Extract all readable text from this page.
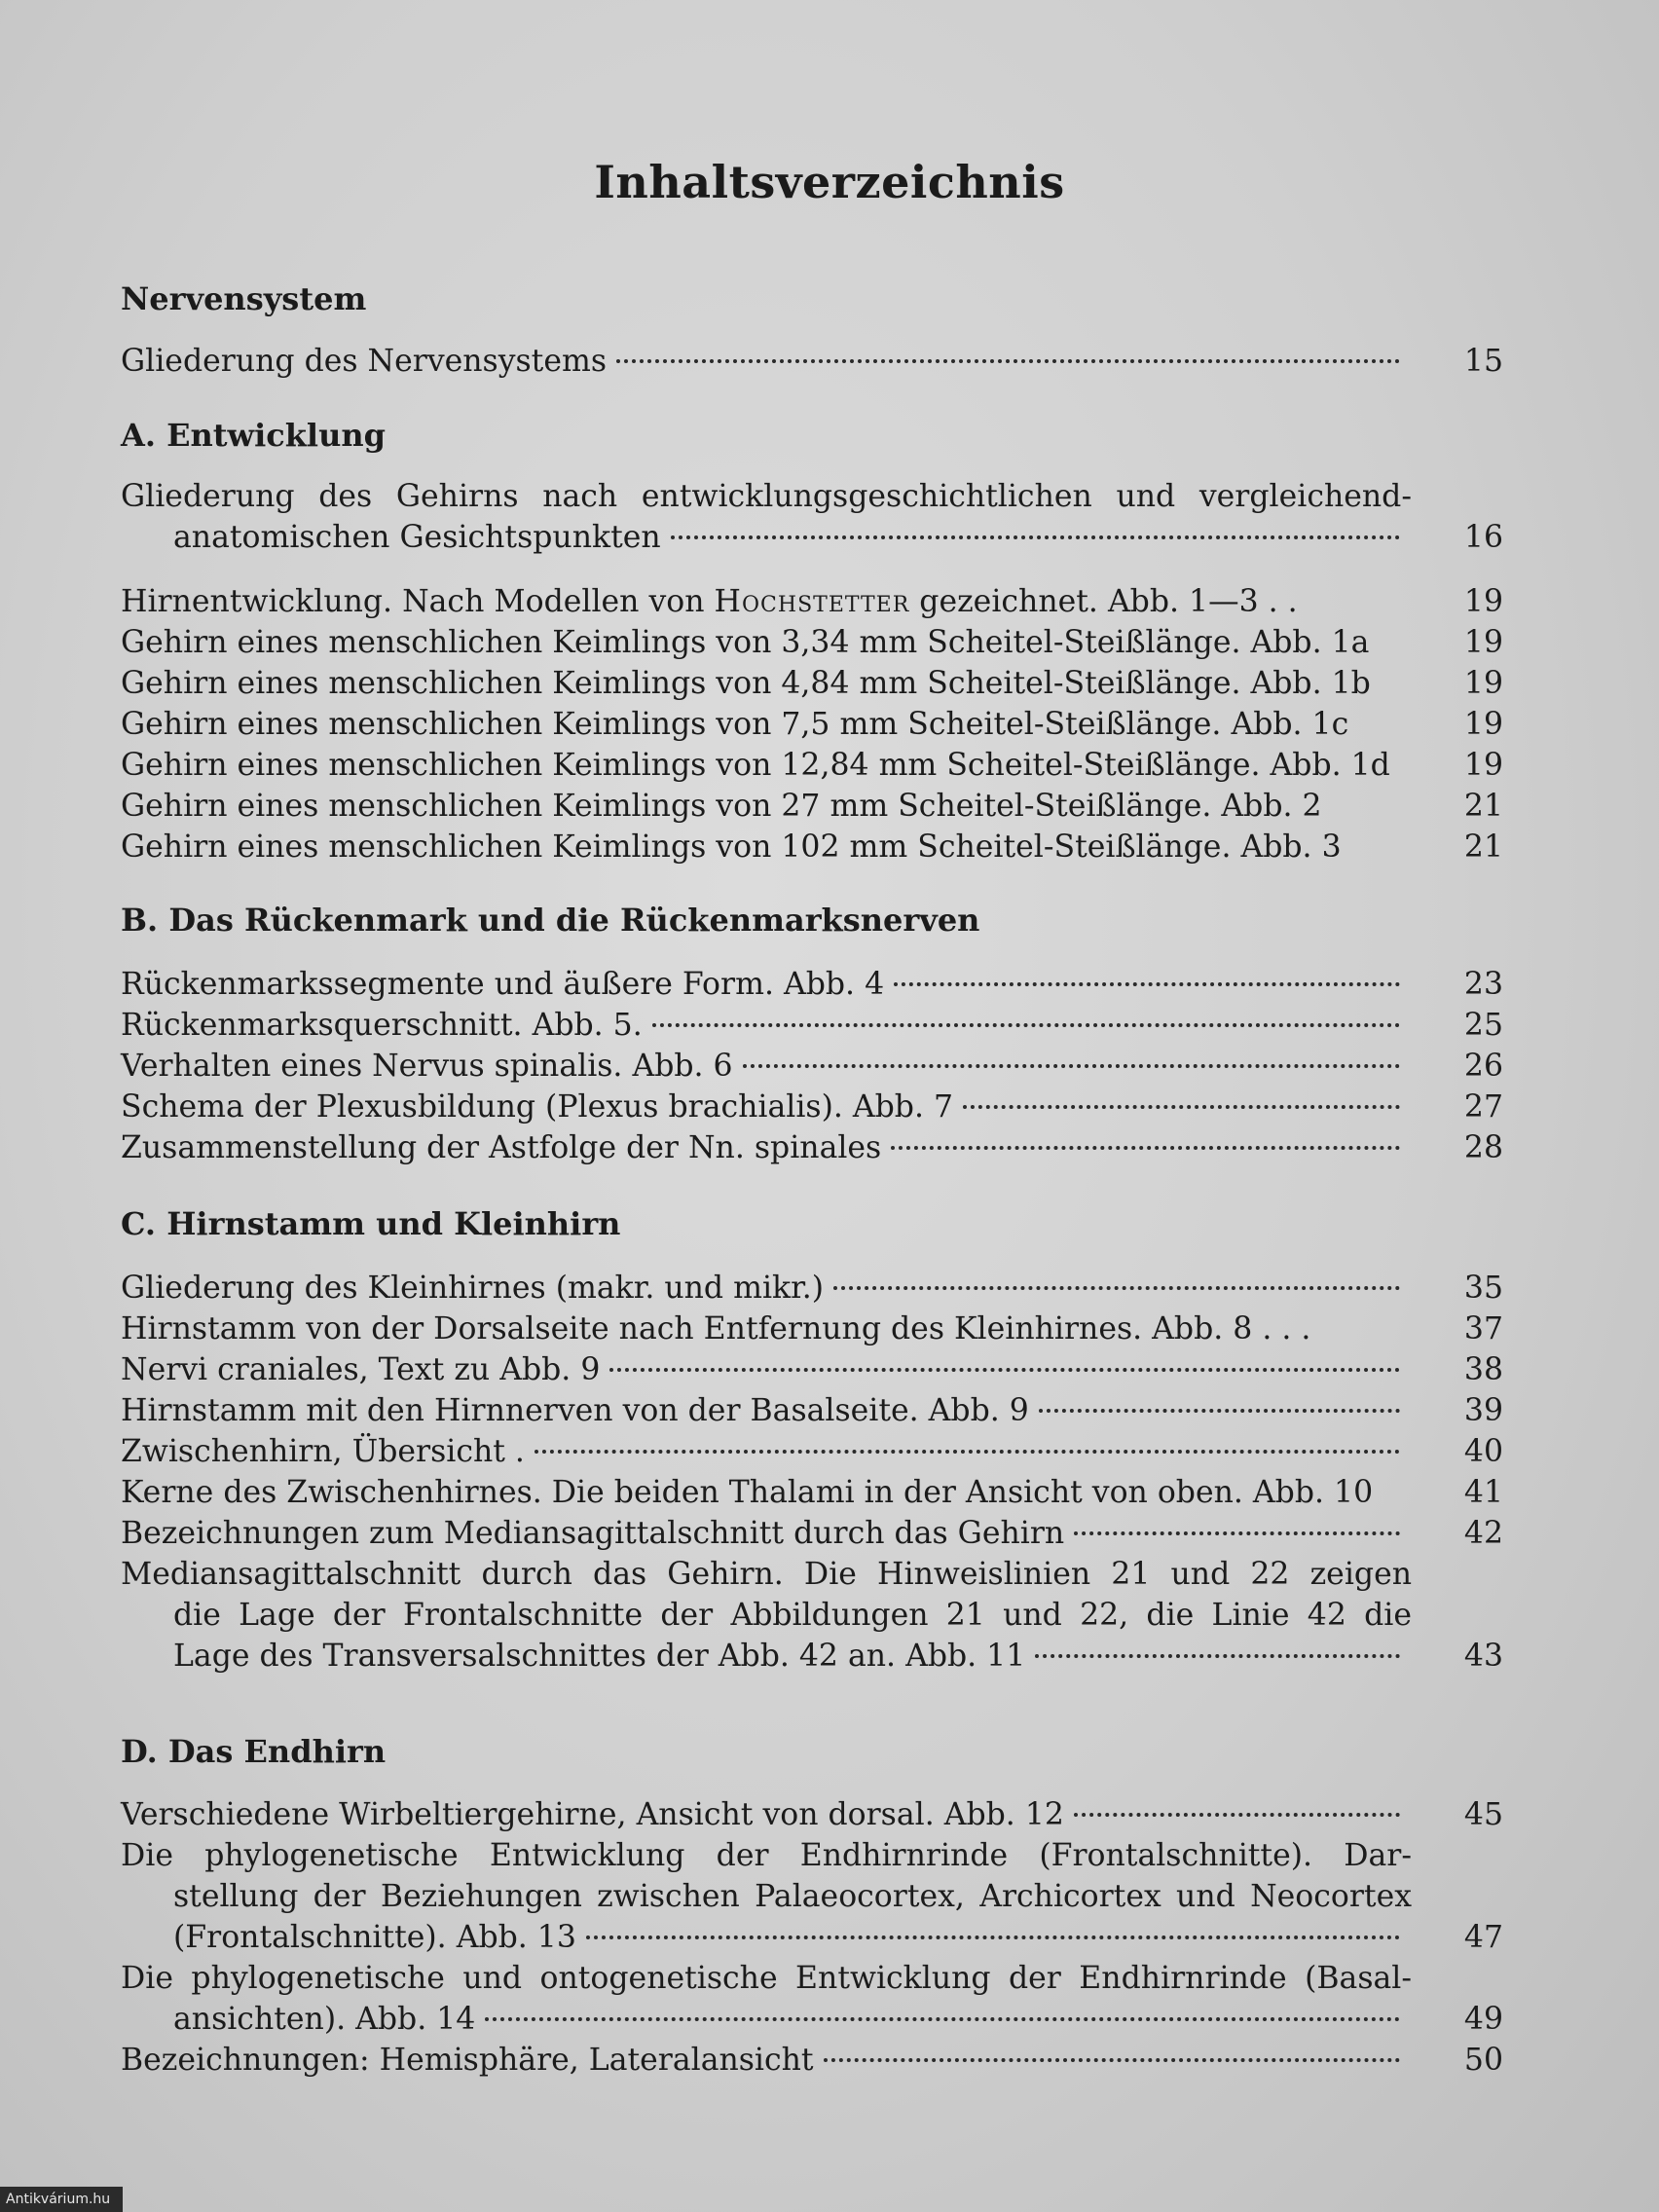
Inhaltsverzeichnis
Nervensystem
Gliederung des Nervensystems	15
A. Entwicklung
Gliederung des Gehirns nach entwicklungsgeschichtlichen und vergleichend-
anatomischen Gesichtspunkten	16
Hirnentwicklung. Nach Modellen von Hochstetter gezeichnet. Abb. 1—3 . .	19
Gehirn eines menschlichen Keimlings von 3,34 mm Scheitel-Steißlänge. Abb. 1a	19
Gehirn eines menschlichen Keimlings von 4,84 mm Scheitel-Steißlänge. Abb. 1b	19
Gehirn eines menschlichen Keimlings von 7,5 mm Scheitel-Steißlänge. Abb. 1c	19
Gehirn eines menschlichen Keimlings von 12,84 mm Scheitel-Steißlänge. Abb. 1d	19
Gehirn eines menschlichen Keimlings von 27 mm Scheitel-Steißlänge. Abb. 2	21
Gehirn eines menschlichen Keimlings von 102 mm Scheitel-Steißlänge. Abb. 3	21
B. Das Rückenmark und die Rückenmarksnerven
Rückenmarkssegmente und äußere Form. Abb. 4	23
Rückenmarksquerschnitt. Abb. 5.	25
Verhalten eines Nervus spinalis. Abb. 6	26
Schema der Plexusbildung (Plexus brachialis). Abb. 7	27
Zusammenstellung der Astfolge der Nn. spinales	28
C. Hirnstamm und Kleinhirn
Gliederung des Kleinhirnes (makr. und mikr.)	35
Hirnstamm von der Dorsalseite nach Entfernung des Kleinhirnes. Abb. 8 . . .	37
Nervi craniales, Text zu Abb. 9	38
Hirnstamm mit den Hirnnerven von der Basalseite. Abb. 9	39
Zwischenhirn, Übersicht .	40
Kerne des Zwischenhirnes. Die beiden Thalami in der Ansicht von oben. Abb. 10	41
Bezeichnungen zum Mediansagittalschnitt durch das Gehirn	42
Mediansagittalschnitt durch das Gehirn. Die Hinweislinien 21 und 22 zeigen
die Lage der Frontalschnitte der Abbildungen 21 und 22, die Linie 42 die
Lage des Transversalschnittes der Abb. 42 an. Abb. 11	43
D. Das Endhirn
Verschiedene Wirbeltiergehirne, Ansicht von dorsal. Abb. 12	45
Die phylogenetische Entwicklung der Endhirnrinde (Frontalschnitte). Dar-
stellung der Beziehungen zwischen Palaeocortex, Archicortex und Neocortex
(Frontalschnitte). Abb. 13	47
Die phylogenetische und ontogenetische Entwicklung der Endhirnrinde (Basal-
ansichten). Abb. 14	49
Bezeichnungen: Hemisphäre, Lateralansicht	50
Antikvárium.hu
